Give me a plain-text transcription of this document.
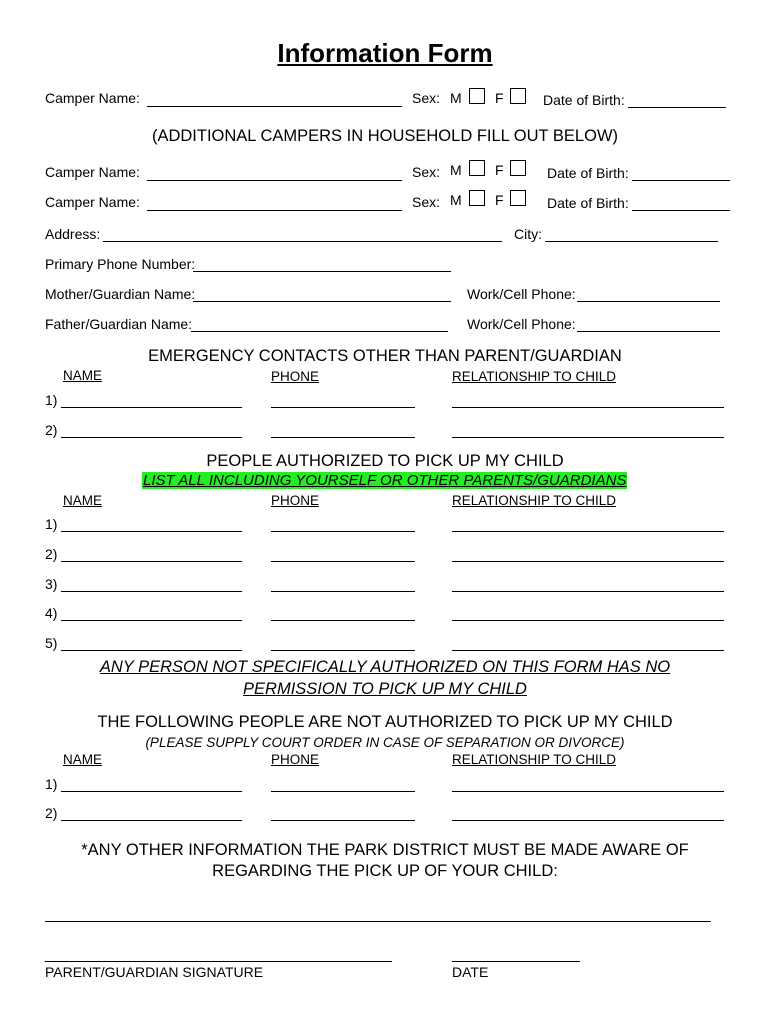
Information Form
Camper Name:	Sex: M F	Date of Birth:
(ADDITIONAL CAMPERS IN HOUSEHOLD FILL OUT BELOW)
Camper Name:	Sex: M F	Date of Birth:
Camper Name:	Sex: M F	Date of Birth:
Address:	City:
Primary Phone Number:
Mother/Guardian Name:	Work/Cell Phone:
Father/Guardian Name:	Work/Cell Phone:
EMERGENCY CONTACTS OTHER THAN PARENT/GUARDIAN
NAME	PHONE	RELATIONSHIP TO CHILD
1)
2)
PEOPLE AUTHORIZED TO PICK UP MY CHILD
LIST ALL INCLUDING YOURSELF OR OTHER PARENTS/GUARDIANS
NAME	PHONE	RELATIONSHIP TO CHILD
1)
2)
3)
4)
5)
ANY PERSON NOT SPECIFICALLY AUTHORIZED ON THIS FORM HAS NO
PERMISSION TO PICK UP MY CHILD
THE FOLLOWING PEOPLE ARE NOT AUTHORIZED TO PICK UP MY CHILD
(PLEASE SUPPLY COURT ORDER IN CASE OF SEPARATION OR DIVORCE)
NAME	PHONE	RELATIONSHIP TO CHILD
1)
2)
*ANY OTHER INFORMATION THE PARK DISTRICT MUST BE MADE AWARE OF
REGARDING THE PICK UP OF YOUR CHILD:
PARENT/GUARDIAN SIGNATURE	DATE
